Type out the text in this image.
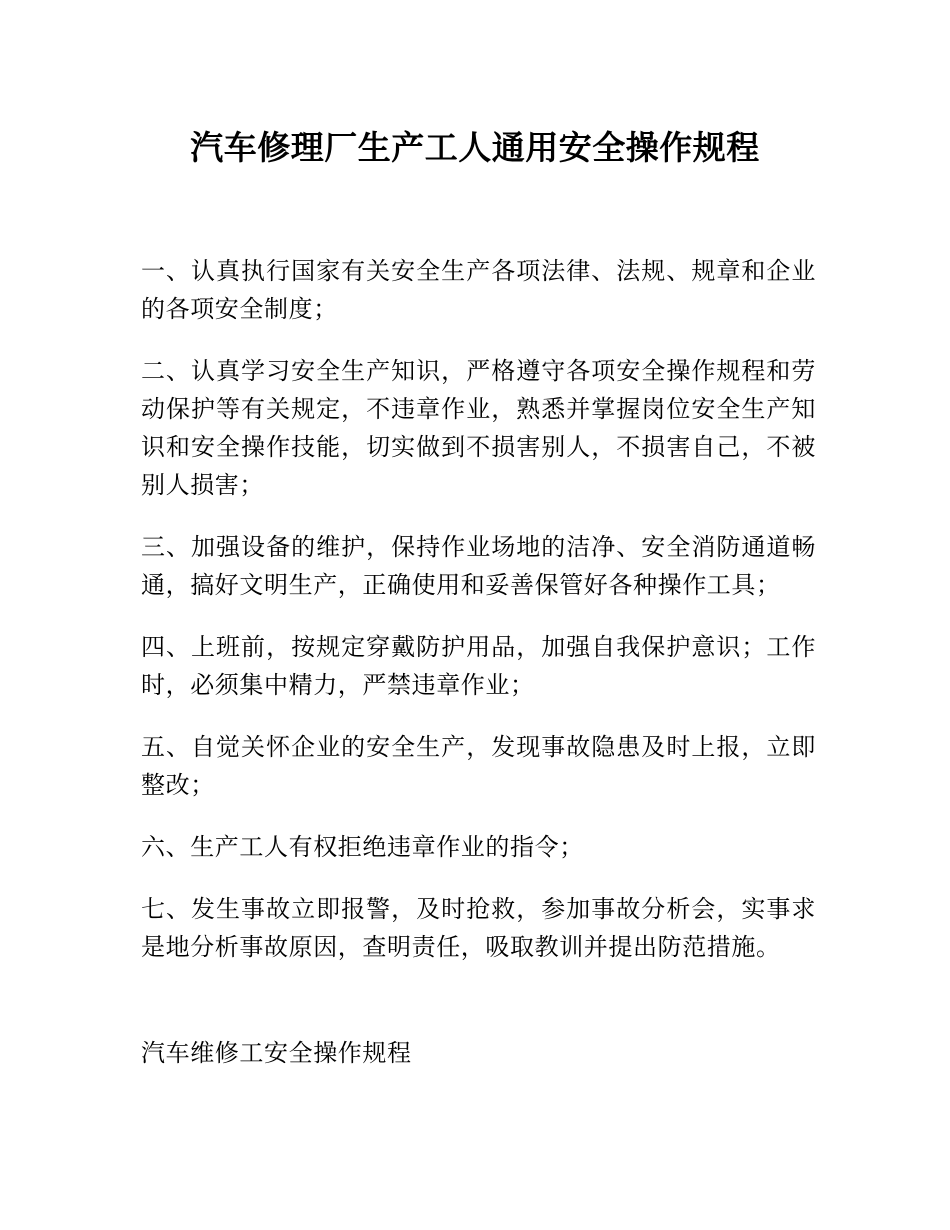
汽车修理厂生产工人通用安全操作规程

一、认真执行国家有关安全生产各项法律、法规、规章和企业的各项安全制度；

二、认真学习安全生产知识，严格遵守各项安全操作规程和劳动保护等有关规定，不违章作业，熟悉并掌握岗位安全生产知识和安全操作技能，切实做到不损害别人，不损害自己，不被别人损害；

三、加强设备的维护，保持作业场地的洁净、安全消防通道畅通，搞好文明生产，正确使用和妥善保管好各种操作工具；

四、上班前，按规定穿戴防护用品，加强自我保护意识；工作时，必须集中精力，严禁违章作业；

五、自觉关怀企业的安全生产，发现事故隐患及时上报，立即整改；

六、生产工人有权拒绝违章作业的指令；

七、发生事故立即报警，及时抢救，参加事故分析会，实事求是地分析事故原因，查明责任，吸取教训并提出防范措施。

汽车维修工安全操作规程
